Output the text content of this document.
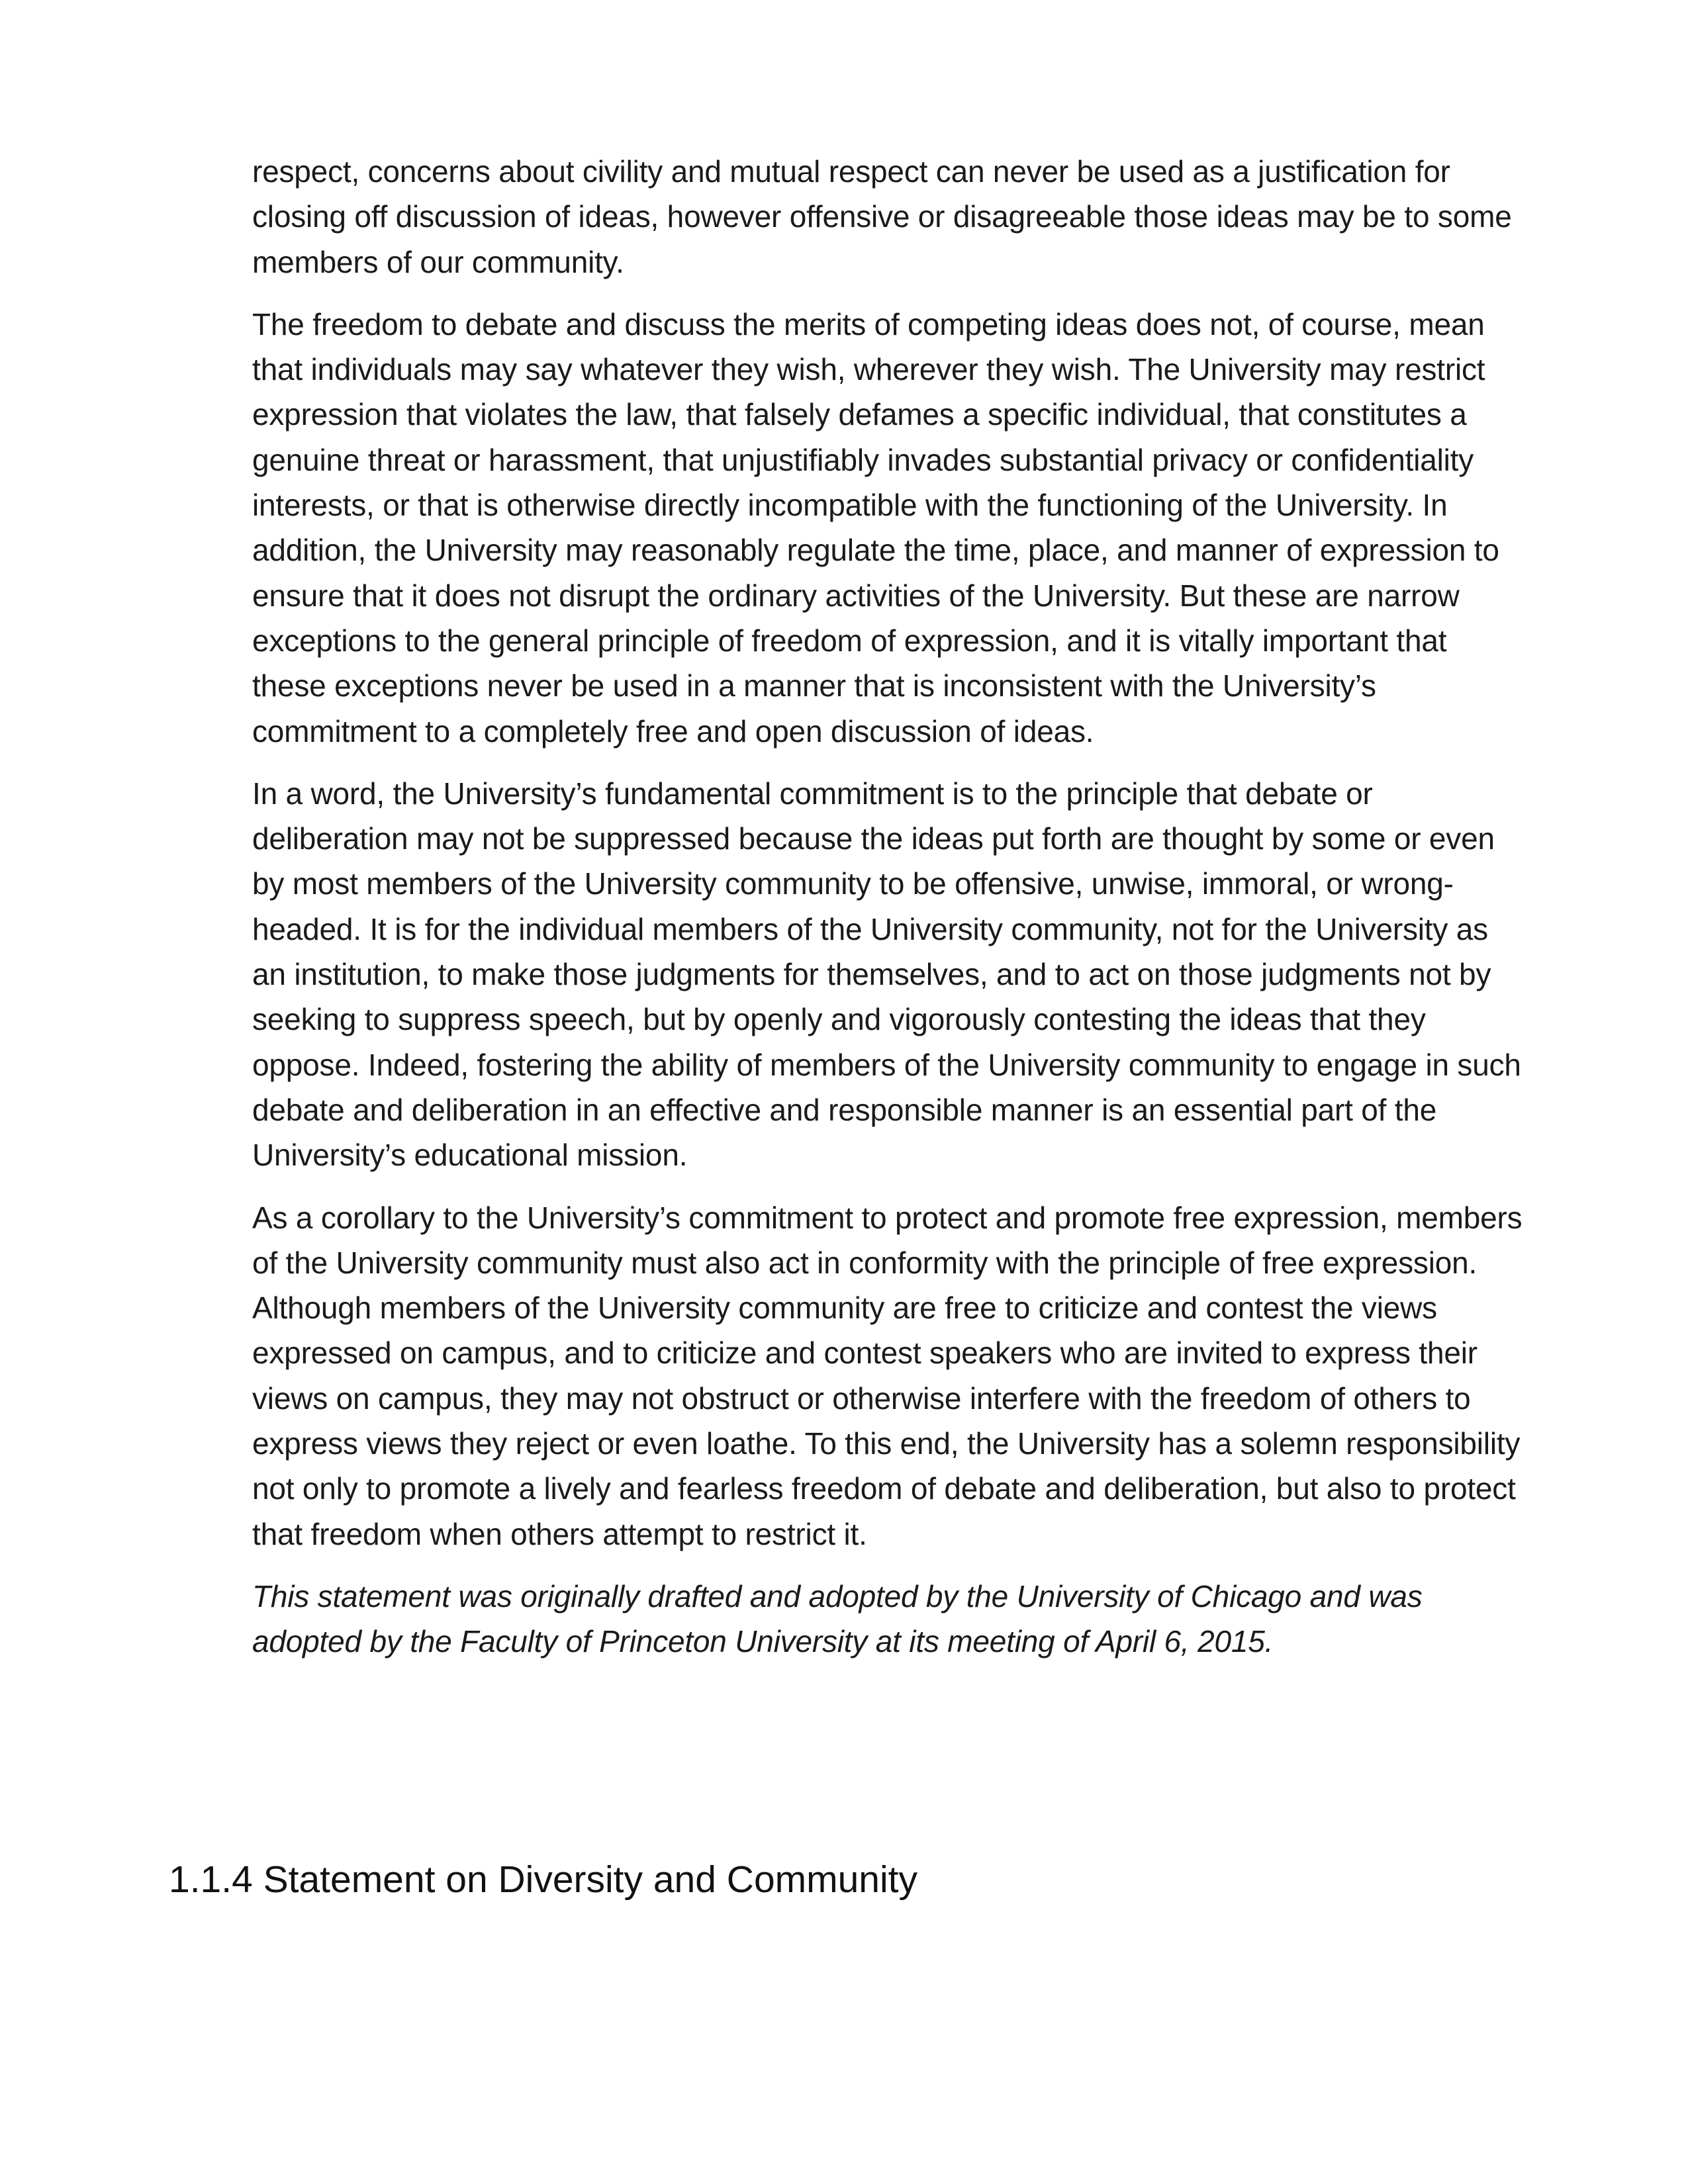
respect, concerns about civility and mutual respect can never be used as a justification for closing off discussion of ideas, however offensive or disagreeable those ideas may be to some members of our community.

The freedom to debate and discuss the merits of competing ideas does not, of course, mean that individuals may say whatever they wish, wherever they wish. The University may restrict expression that violates the law, that falsely defames a specific individual, that constitutes a genuine threat or harassment, that unjustifiably invades substantial privacy or confidentiality interests, or that is otherwise directly incompatible with the functioning of the University. In addition, the University may reasonably regulate the time, place, and manner of expression to ensure that it does not disrupt the ordinary activities of the University. But these are narrow exceptions to the general principle of freedom of expression, and it is vitally important that these exceptions never be used in a manner that is inconsistent with the University’s commitment to a completely free and open discussion of ideas.

In a word, the University’s fundamental commitment is to the principle that debate or deliberation may not be suppressed because the ideas put forth are thought by some or even by most members of the University community to be offensive, unwise, immoral, or wrong-headed. It is for the individual members of the University community, not for the University as an institution, to make those judgments for themselves, and to act on those judgments not by seeking to suppress speech, but by openly and vigorously contesting the ideas that they oppose. Indeed, fostering the ability of members of the University community to engage in such debate and deliberation in an effective and responsible manner is an essential part of the University’s educational mission.

As a corollary to the University’s commitment to protect and promote free expression, members of the University community must also act in conformity with the principle of free expression. Although members of the University community are free to criticize and contest the views expressed on campus, and to criticize and contest speakers who are invited to express their views on campus, they may not obstruct or otherwise interfere with the freedom of others to express views they reject or even loathe. To this end, the University has a solemn responsibility not only to promote a lively and fearless freedom of debate and deliberation, but also to protect that freedom when others attempt to restrict it.

This statement was originally drafted and adopted by the University of Chicago and was adopted by the Faculty of Princeton University at its meeting of April 6, 2015.

1.1.4 Statement on Diversity and Community
